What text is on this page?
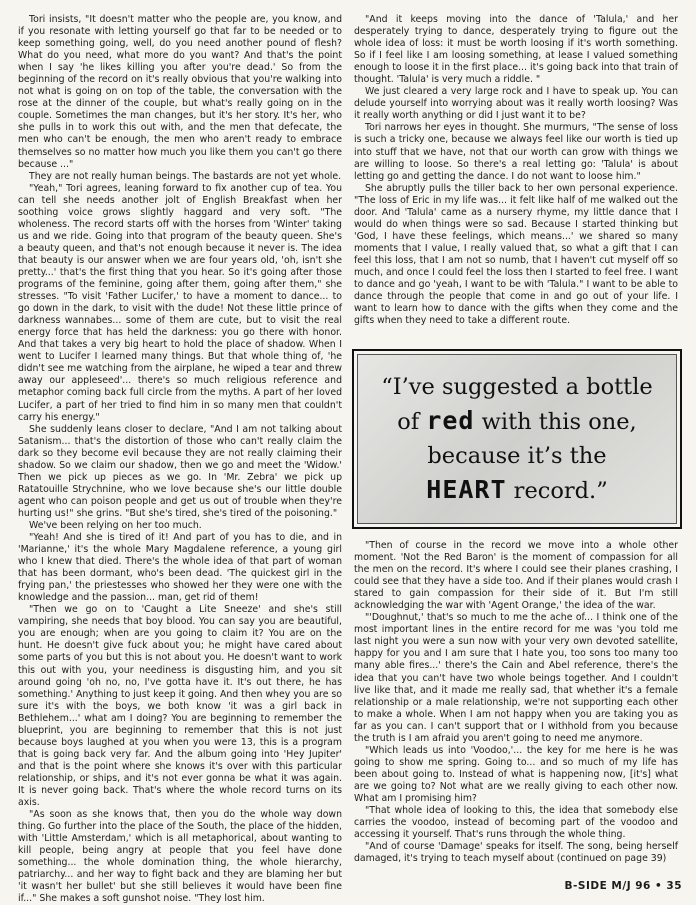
Tori insists, "It doesn't matter who the people are, you know, and if you resonate with letting yourself go that far to be needed or to keep something going, well, do you need another pound of flesh? What do you need, what more do you want? And that's the point when I say 'he likes killing you after you're dead.' So from the beginning of the record on it's really obvious that you're walking into not what is going on on top of the table, the conversation with the rose at the dinner of the couple, but what's really going on in the couple. Sometimes the man changes, but it's her story. It's her, who she pulls in to work this out with, and the men that defecate, the men who can't be enough, the men who aren't ready to embrace themselves so no matter how much you like them you can't go there because ..."

They are not really human beings. The bastards are not yet whole.

"Yeah," Tori agrees, leaning forward to fix another cup of tea. You can tell she needs another jolt of English Breakfast when her soothing voice grows slightly haggard and very soft. "The wholeness. The record starts off with the horses from 'Winter' taking us and we ride. Going into that program of the beauty queen. She's a beauty queen, and that's not enough because it never is. The idea that beauty is our answer when we are four years old, 'oh, isn't she pretty...' that's the first thing that you hear. So it's going after those programs of the feminine, going after them, going after them," she stresses. "To visit 'Father Lucifer,' to have a moment to dance... to go down in the dark, to visit with the dude! Not these little prince of darkness wannabes... some of them are cute, but to visit the real energy force that has held the darkness: you go there with honor. And that takes a very big heart to hold the place of shadow. When I went to Lucifer I learned many things. But that whole thing of, 'he didn't see me watching from the airplane, he wiped a tear and threw away our appleseed'... there's so much religious reference and metaphor coming back full circle from the myths. A part of her loved Lucifer, a part of her tried to find him in so many men that couldn't carry his energy."

She suddenly leans closer to declare, "And I am not talking about Satanism... that's the distortion of those who can't really claim the dark so they become evil because they are not really claiming their shadow. So we claim our shadow, then we go and meet the 'Widow.' Then we pick up pieces as we go. In 'Mr. Zebra' we pick up Ratatouille Strychnine, who we love because she's our little double agent who can poison people and get us out of trouble when they're hurting us!" she grins. "But she's tired, she's tired of the poisoning."

We've been relying on her too much.

"Yeah! And she is tired of it! And part of you has to die, and in 'Marianne,' it's the whole Mary Magdalene reference, a young girl who I knew that died. There's the whole idea of that part of woman that has been dormant, who's been dead. 'The quickest girl in the frying pan,' the priestesses who showed her they were one with the knowledge and the passion... man, get rid of them!

"Then we go on to 'Caught a Lite Sneeze' and she's still vampiring, she needs that boy blood. You can say you are beautiful, you are enough; when are you going to claim it? You are on the hunt. He doesn't give fuck about you; he might have cared about some parts of you but this is not about you. He doesn't want to work this out with you, your neediness is disgusting him, and you sit around going 'oh no, no, I've gotta have it. It's out there, he has something.' Anything to just keep it going. And then whey you are so sure it's with the boys, we both know 'it was a girl back in Bethlehem...' what am I doing? You are beginning to remember the blueprint, you are beginning to remember that this is not just because boys laughed at you when you were 13, this is a program that is going back very far. And the album going into 'Hey Jupiter' and that is the point where she knows it's over with this particular relationship, or ships, and it's not ever gonna be what it was again. It is never going back. That's where the whole record turns on its axis.

"As soon as she knows that, then you do the whole way down thing. Go further into the place of the South, the place of the hidden, with 'Little Amsterdam,' which is all metaphorical, about wanting to kill people, being angry at people that you feel have done something... the whole domination thing, the whole hierarchy, patriarchy... and her way to fight back and they are blaming her but 'it wasn't her bullet' but she still believes it would have been fine if..." She makes a soft gunshot noise. "They lost him.

"And it keeps moving into the dance of 'Talula,' and her desperately trying to dance, desperately trying to figure out the whole idea of loss: it must be worth loosing if it's worth something. So if I feel like I am loosing something, at lease I valued something enough to loose it in the first place... it's going back into that train of thought. 'Talula' is very much a riddle. "

We just cleared a very large rock and I have to speak up. You can delude yourself into worrying about was it really worth loosing? Was it really worth anything or did I just want it to be?

Tori narrows her eyes in thought. She murmurs, "The sense of loss is such a tricky one, because we always feel like our worth is tied up into stuff that we have, not that our worth can grow with things we are willing to loose. So there's a real letting go: 'Talula' is about letting go and getting the dance. I do not want to loose him."

She abruptly pulls the tiller back to her own personal experience. "The loss of Eric in my life was... it felt like half of me walked out the door. And 'Talula' came as a nursery rhyme, my little dance that I would do when things were so sad. Because I started thinking but 'God, I have these feelings, which means...' we shared so many moments that I value, I really valued that, so what a gift that I can feel this loss, that I am not so numb, that I haven't cut myself off so much, and once I could feel the loss then I started to feel free. I want to dance and go 'yeah, I want to be with 'Talula." I want to be able to dance through the people that come in and go out of your life. I want to learn how to dance with the gifts when they come and the gifts when they need to take a different route.

“I’ve suggested a bottle
of red with this one,
because it’s the
HEART record.”

"Then of course in the record we move into a whole other moment. 'Not the Red Baron' is the moment of compassion for all the men on the record. It's where I could see their planes crashing, I could see that they have a side too. And if their planes would crash I stared to gain compassion for their side of it. But I'm still acknowledging the war with 'Agent Orange,' the idea of the war.

"'Doughnut,' that's so much to me the ache of... I think one of the most important lines in the entire record for me was 'you told me last night you were a sun now with your very own devoted satellite, happy for you and I am sure that I hate you, too sons too many too many able fires...' there's the Cain and Abel reference, there's the idea that you can't have two whole beings together. And I couldn't live like that, and it made me really sad, that whether it's a female relationship or a male relationship, we're not supporting each other to make a whole. When I am not happy when you are taking you as far as you can. I can't support that or I withhold from you because the truth is I am afraid you aren't going to need me anymore.

"Which leads us into 'Voodoo,'... the key for me here is he was going to show me spring. Going to... and so much of my life has been about going to. Instead of what is happening now, [it's] what are we going to? Not what are we really giving to each other now. What am I promising him?

"That whole idea of looking to this, the idea that somebody else carries the voodoo, instead of becoming part of the voodoo and accessing it yourself. That's runs through the whole thing.

"And of course 'Damage' speaks for itself. The song, being herself damaged, it's trying to teach myself about (continued on page 39)

B-SIDE M/J 96 • 35
